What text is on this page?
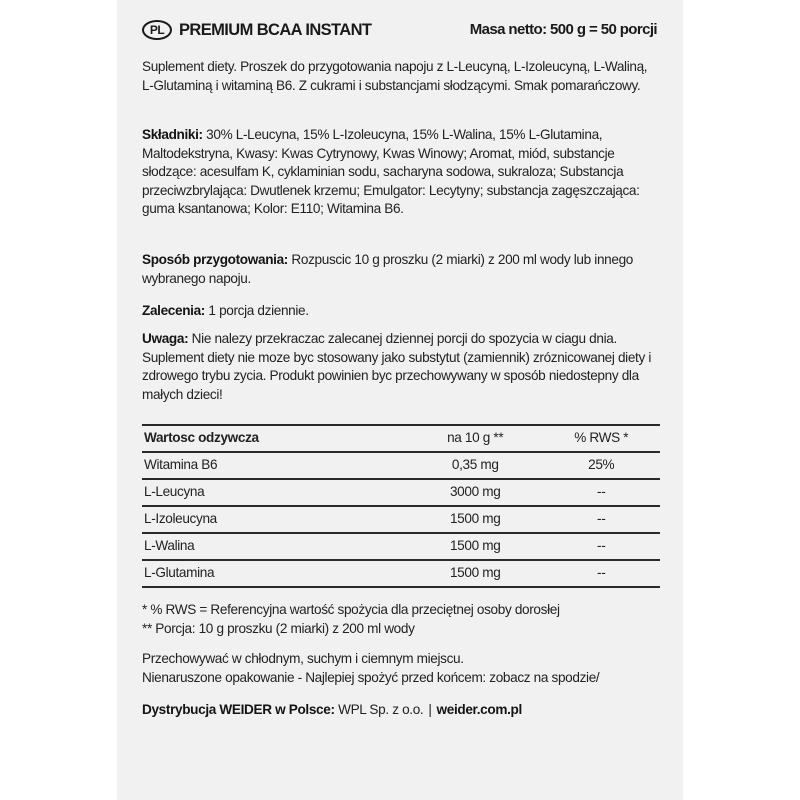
PL PREMIUM BCAA INSTANT	Masa netto: 500 g = 50 porcji

Suplement diety. Proszek do przygotowania napoju z L-Leucyną, L-Izoleucyną, L-Waliną, L-Glutaminą i witaminą B6. Z cukrami i substancjami słodzącymi. Smak pomarańczowy.

Składniki: 30% L-Leucyna, 15% L-Izoleucyna, 15% L-Walina, 15% L-Glutamina, Maltodekstryna, Kwasy: Kwas Cytrynowy, Kwas Winowy; Aromat, miód, substancje słodzące: acesulfam K, cyklaminian sodu, sacharyna sodowa, sukraloza; Substancja przeciwzbrylająca: Dwutlenek krzemu; Emulgator: Lecytyny; substancja zagęszczająca: guma ksantanowa; Kolor: E110; Witamina B6.

Sposób przygotowania: Rozpuscic 10 g proszku (2 miarki) z 200 ml wody lub innego wybranego napoju.

Zalecenia: 1 porcja dziennie.

Uwaga: Nie nalezy przekraczac zalecanej dziennej porcji do spozycia w ciagu dnia. Suplement diety nie moze byc stosowany jako substytut (zamiennik) zróznicowanej diety i zdrowego trybu zycia. Produkt powinien byc przechowywany w sposób niedostepny dla małych dzieci!

Wartosc odzywcza	na 10 g **	% RWS *
Witamina B6	0,35 mg	25%
L-Leucyna	3000 mg	--
L-Izoleucyna	1500 mg	--
L-Walina	1500 mg	--
L-Glutamina	1500 mg	--
* % RWS = Referencyjna wartość spożycia dla przeciętnej osoby dorosłej
** Porcja: 10 g proszku (2 miarki) z 200 ml wody
Przechowywać w chłodnym, suchym i ciemnym miejscu.
Nienaruszone opakowanie - Najlepiej spożyć przed końcem: zobacz na spodzie/

Dystrybucja WEIDER w Polsce: WPL Sp. z o.o. | weider.com.pl
